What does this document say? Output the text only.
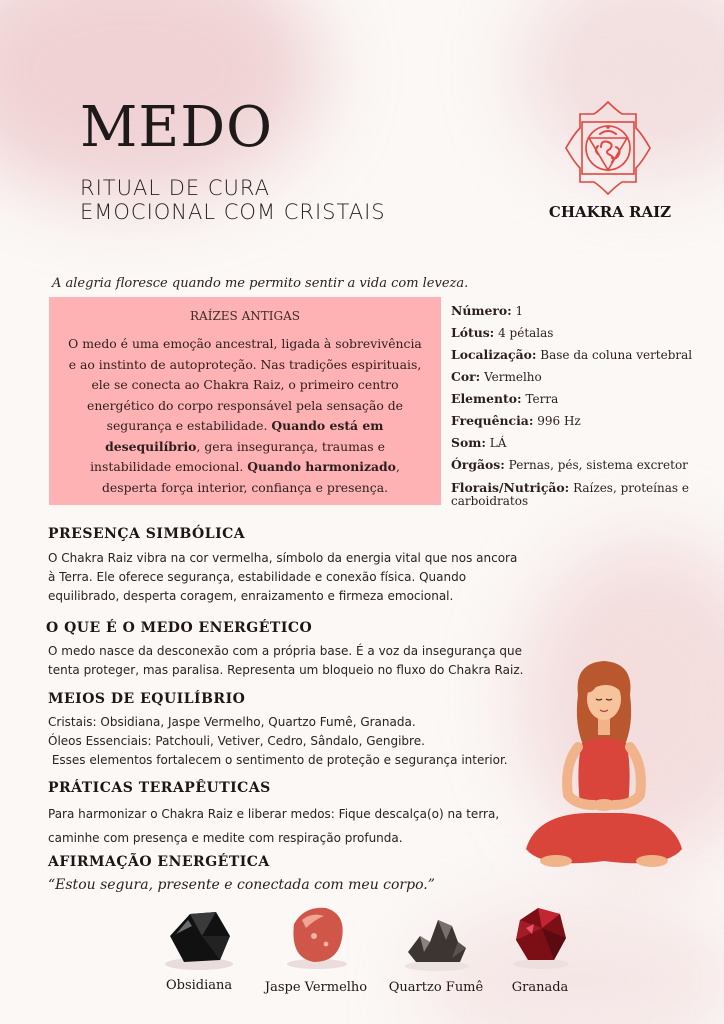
MEDO
RITUAL DE CURA
EMOCIONAL COM CRISTAIS	CHAKRA RAIZ
A alegria floresce quando me permito sentir a vida com leveza.
RAÍZES ANTIGAS
O medo é uma emoção ancestral, ligada à sobrevivência e ao instinto de autoproteção. Nas tradições espirituais, ele se conecta ao Chakra Raiz, o primeiro centro energético do corpo responsável pela sensação de segurança e estabilidade. Quando está em desequilíbrio, gera insegurança, traumas e instabilidade emocional. Quando harmonizado, desperta força interior, confiança e presença.
Número: 1
Lótus: 4 pétalas
Localização: Base da coluna vertebral
Cor: Vermelho
Elemento: Terra
Frequência: 996 Hz
Som: LÁ
Órgãos: Pernas, pés, sistema excretor
Florais/Nutrição: Raízes, proteínas e carboidratos
PRESENÇA SIMBÓLICA
O Chakra Raiz vibra na cor vermelha, símbolo da energia vital que nos ancora
à Terra. Ele oferece segurança, estabilidade e conexão física. Quando
equilibrado, desperta coragem, enraizamento e firmeza emocional.
O QUE É O MEDO ENERGÉTICO
O medo nasce da desconexão com a própria base. É a voz da insegurança que
tenta proteger, mas paralisa. Representa um bloqueio no fluxo do Chakra Raiz.
MEIOS DE EQUILÍBRIO
Cristais: Obsidiana, Jaspe Vermelho, Quartzo Fumê, Granada.
Óleos Essenciais: Patchouli, Vetiver, Cedro, Sândalo, Gengibre.
Esses elementos fortalecem o sentimento de proteção e segurança interior.
PRÁTICAS TERAPÊUTICAS
Para harmonizar o Chakra Raiz e liberar medos: Fique descalça(o) na terra,
caminhe com presença e medite com respiração profunda.
AFIRMAÇÃO ENERGÉTICA
“Estou segura, presente e conectada com meu corpo.”
Obsidiana	Jaspe Vermelho	Quartzo Fumê	Granada
